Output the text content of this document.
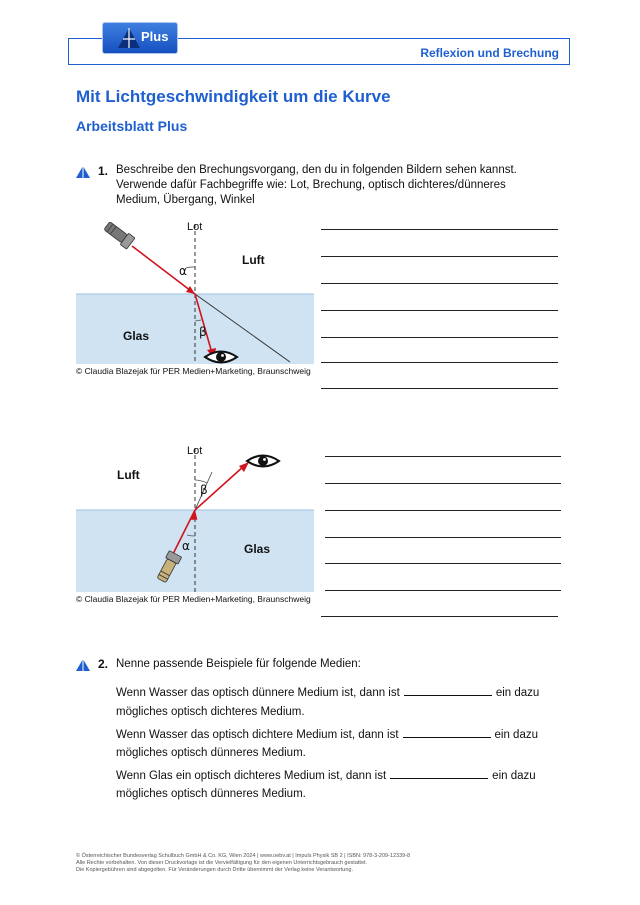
Reflexion und Brechung
Plus
Mit Lichtgeschwindigkeit um die Kurve
Arbeitsblatt Plus
1. Beschreibe den Brechungsvorgang, den du in folgenden Bildern sehen kannst.
Verwende dafür Fachbegriffe wie: Lot, Brechung, optisch dichteres/dünneres
Medium, Übergang, Winkel
Lot
Luft
Glas
α
β
© Claudia Blazejak für PER Medien+Marketing, Braunschweig
Lot
Luft
Glas
α
β
© Claudia Blazejak für PER Medien+Marketing, Braunschweig
2. Nenne passende Beispiele für folgende Medien:
Wenn Wasser das optisch dünnere Medium ist, dann ist	ein dazu
mögliches optisch dichteres Medium.
Wenn Wasser das optisch dichtere Medium ist, dann ist	ein dazu
mögliches optisch dünneres Medium.
Wenn Glas ein optisch dichteres Medium ist, dann ist	ein dazu
mögliches optisch dünneres Medium.
© Österreichischer Bundesverlag Schulbuch GmbH & Co. KG, Wien 2024 | www.oebv.at | Impuls Physik SB 2 | ISBN: 978-3-209-12339-8
Alle Rechte vorbehalten. Von dieser Druckvorlage ist die Vervielfältigung für den eigenen Unterrichtsgebrauch gestattet.
Die Kopiergebühren sind abgegolten. Für Veränderungen durch Dritte übernimmt der Verlag keine Verantwortung.
